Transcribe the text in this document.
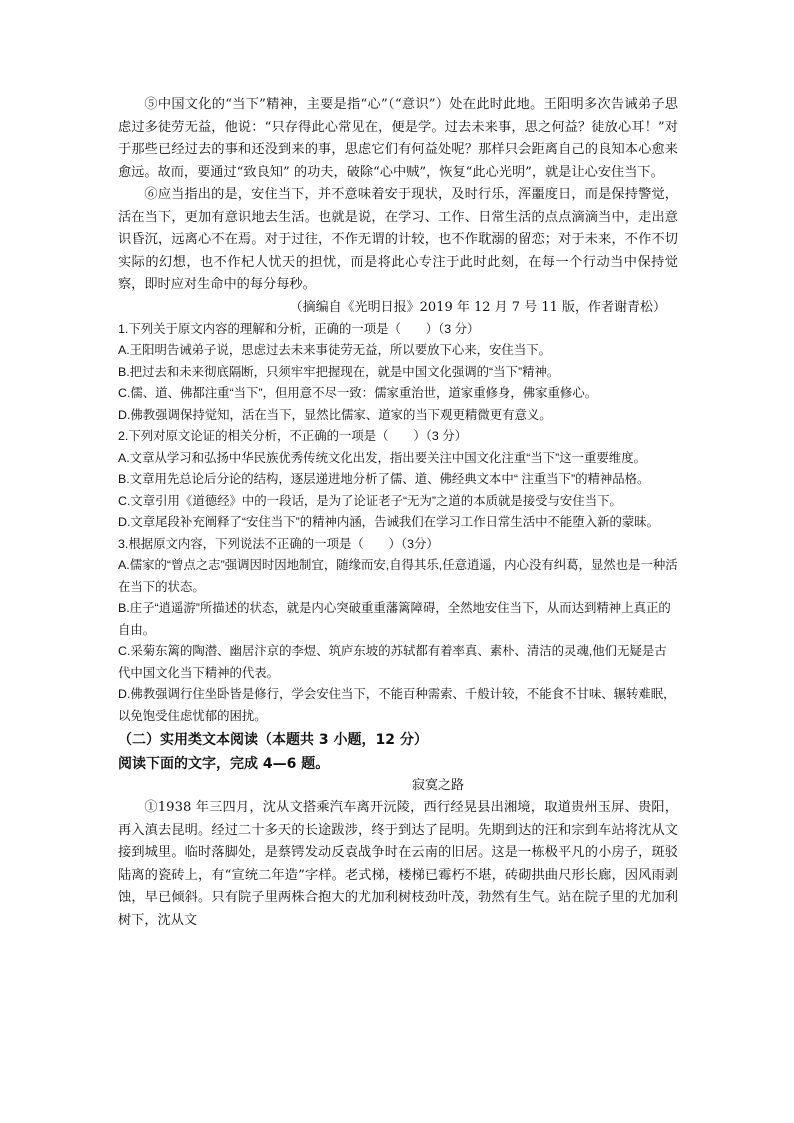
⑤中国文化的“当下”精神，主要是指“心”（“意识”）处在此时此地。王阳明多次告诫弟子思虑过多徒劳无益，他说：“只存得此心常见在，便是学。过去未来事，思之何益？徒放心耳！”对于那些已经过去的事和还没到来的事，思虑它们有何益处呢？那样只会距离自己的良知本心愈来愈远。故而，要通过“致良知” 的功夫，破除“心中贼”，恢复“此心光明”，就是让心安住当下。

⑥应当指出的是，安住当下，并不意味着安于现状，及时行乐，浑噩度日，而是保持警觉，活在当下，更加有意识地去生活。也就是说，在学习、工作、日常生活的点点滴滴当中，走出意识昏沉，远离心不在焉。对于过往，不作无谓的计较，也不作耽溺的留恋；对于未来，不作不切实际的幻想，也不作杞人忧天的担忧，而是将此心专注于此时此刻，在每一个行动当中保持觉察，即时应对生命中的每分每秒。

（摘编自《光明日报》2019 年 12 月 7 号 11 版，作者谢青松）

1.下列关于原文内容的理解和分析，正确的一项是（　　）（3 分）

A.王阳明告诫弟子说，思虑过去未来事徒劳无益，所以要放下心来，安住当下。

B.把过去和未来彻底隔断，只须牢牢把握现在，就是中国文化强调的“当下”精神。

C.儒、道、佛都注重“当下”，但用意不尽一致：儒家重治世，道家重修身，佛家重修心。

D.佛教强调保持觉知，活在当下，显然比儒家、道家的当下观更精微更有意义。

2.下列对原文论证的相关分析，不正确的一项是（　　）（3 分）

A.文章从学习和弘扬中华民族优秀传统文化出发，指出要关注中国文化注重“当下”这一重要维度。

B.文章用先总论后分论的结构，逐层递进地分析了儒、道、佛经典文本中“ 注重当下”的精神品格。

C.文章引用《道德经》中的一段话，是为了论证老子“无为”之道的本质就是接受与安住当下。

D.文章尾段补充阐释了“安住当下”的精神内涵，告诫我们在学习工作日常生活中不能堕入新的蒙昧。

3.根据原文内容，下列说法不正确的一项是（　　）（3分）

A.儒家的“曾点之志”强调因时因地制宜，随缘而安,自得其乐,任意逍遥，内心没有纠葛，显然也是一种活在当下的状态。

B.庄子“逍遥游”所描述的状态，就是内心突破重重藩篱障碍，全然地安住当下，从而达到精神上真正的自由。

C.采菊东篱的陶潜、幽居汴京的李煜、筑庐东坡的苏轼都有着率真、素朴、清洁的灵魂,他们无疑是古代中国文化当下精神的代表。

D.佛教强调行住坐卧皆是修行，学会安住当下，不能百种需索、千般计较，不能食不甘味、辗转难眠，以免饱受住虑忧郁的困扰。

（二）实用类文本阅读（本题共 3 小题，12 分）

阅读下面的文字，完成 4—6 题。

寂寞之路

①1938 年三四月，沈从文搭乘汽车离开沅陵，西行经晃县出湘境，取道贵州玉屏、贵阳，再入滇去昆明。经过二十多天的长途跋涉，终于到达了昆明。先期到达的汪和宗到车站将沈从文接到城里。临时落脚处，是蔡锷发动反袁战争时在云南的旧居。这是一栋极平凡的小房子，斑驳陆离的瓷砖上，有“宣统二年造”字样。老式梯，楼梯已霉朽不堪，砖砌拱曲尺形长廊，因风雨剥蚀，早已倾斜。只有院子里两株合抱大的尤加利树枝劲叶茂，勃然有生气。站在院子里的尤加利树下，沈从文
